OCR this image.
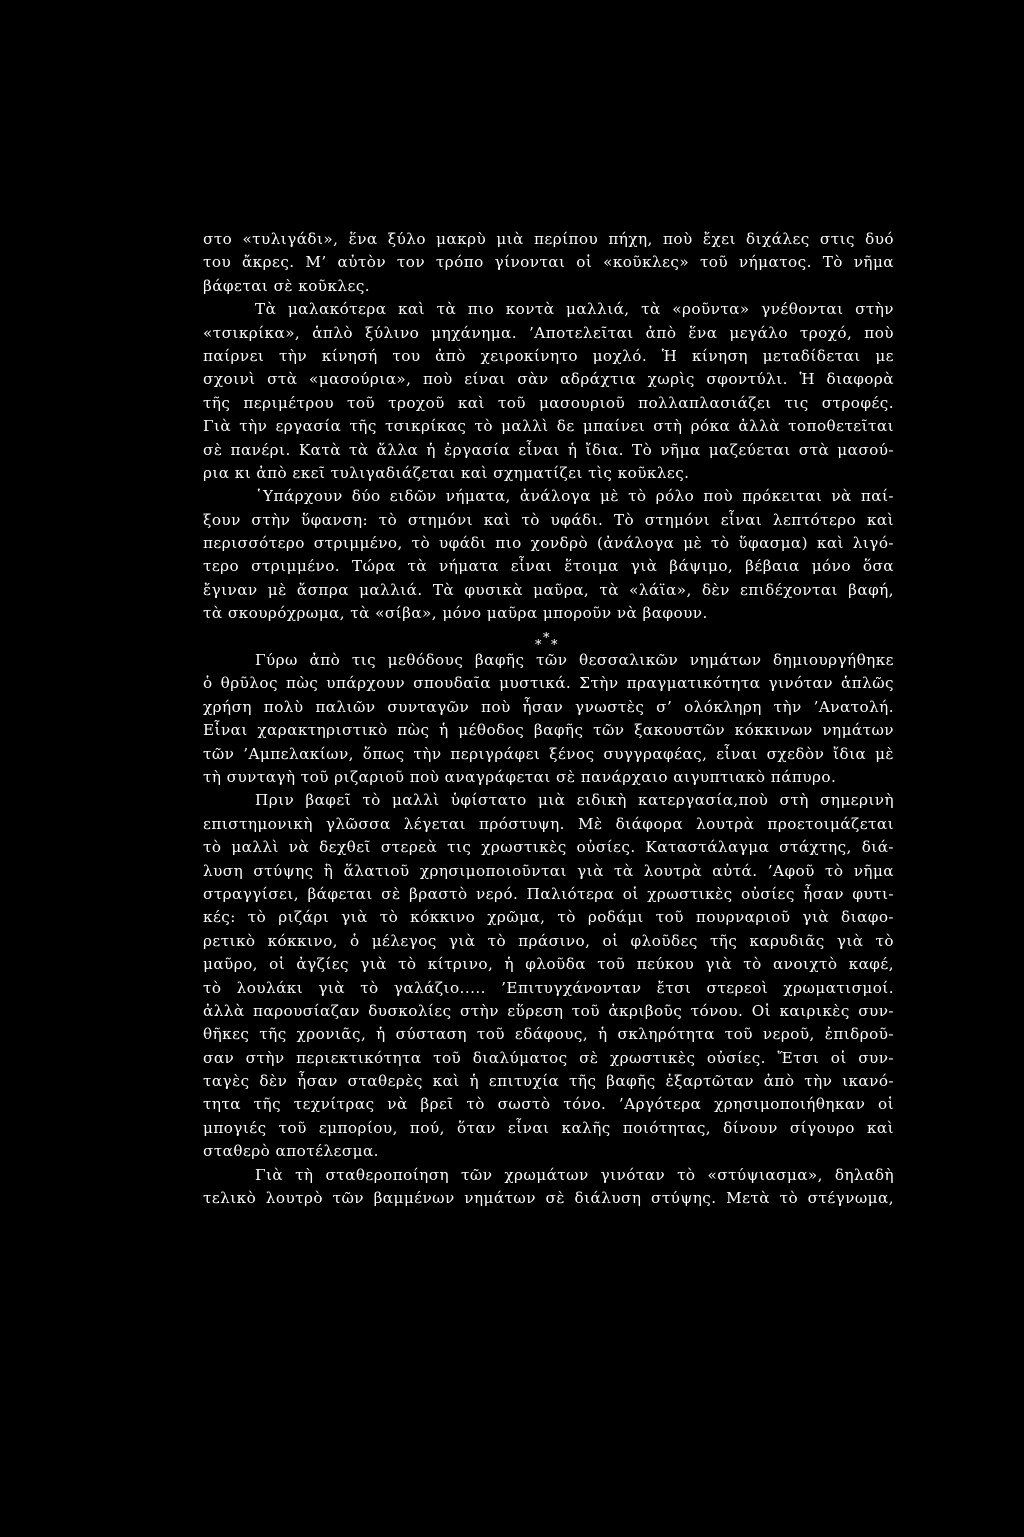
στο «τυλιγάδι», ἕνα ξύλο μακρὺ μιὰ περίπου πήχη, ποὺ ἔχει διχάλες στις δυό
του ἄκρες. Μ’ αὐτὸν τον τρόπο γίνονται οἱ «κοῦκλες» τοῦ νήματος. Τὸ νῆμα
βάφεται σὲ κοῦκλες.
Τὰ μαλακότερα καὶ τὰ πιο κοντὰ μαλλιά, τὰ «ροῦντα» γνέθονται στὴν
«τσικρίκα», ἁπλὸ ξύλινο μηχάνημα. ’Αποτελεῖται ἀπὸ ἕνα μεγάλο τροχό, ποὺ
παίρνει τὴν κίνησή του ἀπὸ χειροκίνητο μοχλό. Ἡ κίνηση μεταδίδεται με
σχοινὶ στὰ «μασούρια», ποὺ είναι σὰν αδράχτια χωρὶς σφοντύλι. Ἡ διαφορὰ
τῆς περιμέτρου τοῦ τροχοῦ καὶ τοῦ μασουριοῦ πολλαπλασιάζει τις στροφές.
Γιὰ τὴν εργασία τῆς τσικρίκας τὸ μαλλὶ δε μπαίνει στὴ ρόκα ἀλλὰ τοποθετεῖται
σὲ πανέρι. Κατὰ τὰ ἄλλα ἡ ἐργασία εἶναι ἡ ἴδια. Τὸ νῆμα μαζεύεται στὰ μασού-
ρια κι ἀπὸ εκεῖ τυλιγαδιάζεται καὶ σχηματίζει τὶς κοῦκλες.
῾Υπάρχουν δύο ειδῶν νήματα, ἀνάλογα μὲ τὸ ρόλο ποὺ πρόκειται νὰ παί-
ξουν στὴν ὕφανση: τὸ στημόνι καὶ τὸ υφάδι. Τὸ στημόνι εἶναι λεπτότερο καὶ
περισσότερο στριμμένο, τὸ υφάδι πιο χονδρὸ (ἀνάλογα μὲ τὸ ὕφασμα) καὶ λιγό-
τερο στριμμένο. Τώρα τὰ νήματα εἶναι ἕτοιμα γιὰ βάψιμο, βέβαια μόνο ὅσα
ἔγιναν μὲ ἄσπρα μαλλιά. Τὰ φυσικὰ μαῦρα, τὰ «λάϊα», δὲν επιδέχονται βαφή,
τὰ σκουρόχρωμα, τὰ «σίβα», μόνο μαῦρα μποροῦν νὰ βαφουν.
*
* *
Γύρω ἀπὸ τις μεθόδους βαφῆς τῶν θεσσαλικῶν νημάτων δημιουργήθηκε
ὁ θρῦλος πὼς υπάρχουν σπουδαῖα μυστικά. Στὴν πραγματικότητα γινόταν ἁπλῶς
χρήση πολὺ παλιῶν συνταγῶν ποὺ ἦσαν γνωστὲς σ’ ολόκληρη τὴν ’Ανατολή.
Εἶναι χαρακτηριστικὸ πὼς ἡ μέθοδος βαφῆς τῶν ξακουστῶν κόκκινων νημάτων
τῶν ’Αμπελακίων, ὅπως τὴν περιγράφει ξένος συγγραφέας, εἶναι σχεδὸν ἴδια μὲ
τὴ συνταγὴ τοῦ ριζαριοῦ ποὺ αναγράφεται σὲ πανάρχαιο αιγυπτιακὸ πάπυρο.
Πριν βαφεῖ τὸ μαλλὶ ὑφίστατο μιὰ ειδικὴ κατεργασία,ποὺ στὴ σημερινὴ
επιστημονικὴ γλῶσσα λέγεται πρόστυψη. Μὲ διάφορα λουτρὰ προετοιμάζεται
τὸ μαλλὶ νὰ δεχθεῖ στερεὰ τις χρωστικὲς οὐσίες. Καταστάλαγμα στάχτης, διά-
λυση στύψης ἢ ἅλατιοῦ χρησιμοποιοῦνται γιὰ τὰ λουτρὰ αὐτά. ’Αφοῦ τὸ νῆμα
στραγγίσει, βάφεται σὲ βραστὸ νερό. Παλιότερα οἱ χρωστικὲς οὐσίες ἦσαν φυτι-
κές: τὸ ριζάρι γιὰ τὸ κόκκινο χρῶμα, τὸ ροδάμι τοῦ πουρναριοῦ γιὰ διαφο-
ρετικὸ κόκκινο, ὁ μέλεγος γιὰ τὸ πράσινο, οἱ φλοῦδες τῆς καρυδιᾶς γιὰ τὸ
μαῦρο, οἱ ἀγζίες γιὰ τὸ κίτρινο, ἡ φλοῦδα τοῦ πεύκου γιὰ τὸ ανοιχτὸ καφέ,
τὸ λουλάκι γιὰ τὸ γαλάζιο..... ’Επιτυγχάνονταν ἔτσι στερεοὶ χρωματισμοί.
ἀλλὰ παρουσίαζαν δυσκολίες στὴν εὕρεση τοῦ ἀκριβοῦς τόνου. Οἱ καιρικὲς συν-
θῆκες τῆς χρονιᾶς, ἡ σύσταση τοῦ εδάφους, ἡ σκληρότητα τοῦ νεροῦ, ἐπιδροῦ-
σαν στὴν περιεκτικότητα τοῦ διαλύματος σὲ χρωστικὲς οὐσίες. Ἔτσι οἱ συν-
ταγὲς δὲν ἦσαν σταθερὲς καὶ ἡ επιτυχία τῆς βαφῆς ἐξαρτῶταν ἀπὸ τὴν ικανό-
τητα τῆς τεχνίτρας νὰ βρεῖ τὸ σωστὸ τόνο. ’Αργότερα χρησιμοποιήθηκαν οἱ
μπογιές τοῦ εμπορίου, πού, ὅταν εἶναι καλῆς ποιότητας, δίνουν σίγουρο καὶ
σταθερὸ αποτέλεσμα.
Γιὰ τὴ σταθεροποίηση τῶν χρωμάτων γινόταν τὸ «στύψιασμα», δηλαδὴ
τελικὸ λουτρὸ τῶν βαμμένων νημάτων σὲ διάλυση στύψης. Μετὰ τὸ στέγνωμα,
